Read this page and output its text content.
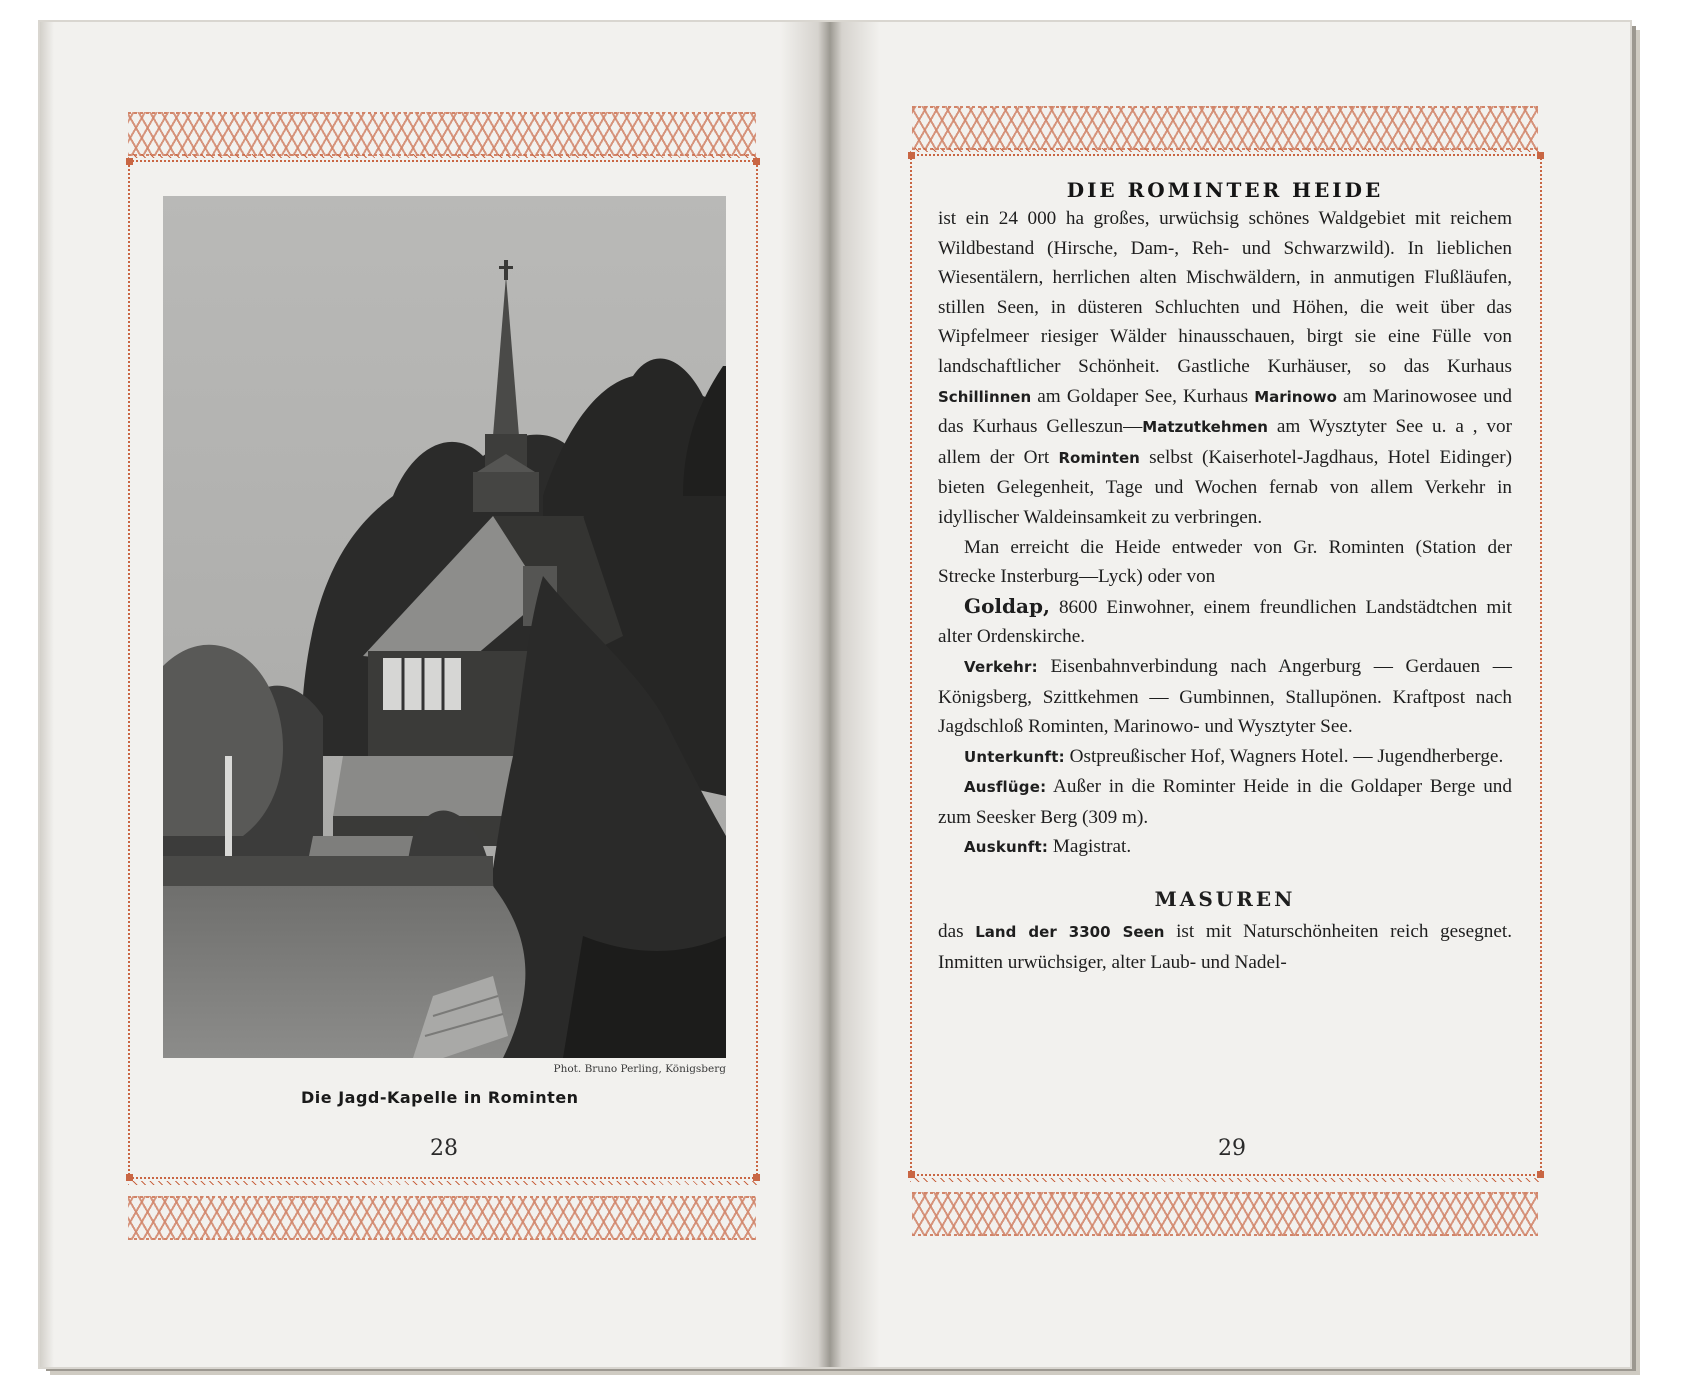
Phot. Bruno Perling, Königsberg
Die Jagd-Kapelle in Rominten
28
DIE ROMINTER HEIDE

ist ein 24 000 ha großes, urwüchsig schönes Waldgebiet mit reichem Wildbestand (Hirsche, Dam-, Reh- und Schwarzwild). In lieblichen Wiesentälern, herrlichen alten Mischwäldern, in anmutigen Flußläufen, stillen Seen, in düsteren Schluchten und Höhen, die weit über das Wipfelmeer riesiger Wälder hinausschauen, birgt sie eine Fülle von landschaftlicher Schönheit. Gastliche Kurhäuser, so das Kurhaus Schillinnen am Goldaper See, Kurhaus Marinowo am Marinowosee und das Kurhaus Gelleszun—Matzutkehmen am Wysztyter See u. a , vor allem der Ort Rominten selbst (Kaiserhotel-Jagdhaus, Hotel Eidinger) bieten Gelegenheit, Tage und Wochen fernab von allem Verkehr in idyllischer Waldeinsamkeit zu verbringen.

Man erreicht die Heide entweder von Gr. Rominten (Station der Strecke Insterburg—Lyck) oder von

Goldap, 8600 Einwohner, einem freundlichen Landstädtchen mit alter Ordenskirche.

Verkehr: Eisenbahnverbindung nach Angerburg — Gerdauen — Königsberg, Szittkehmen — Gumbinnen, Stallupönen. Kraftpost nach Jagdschloß Rominten, Marinowo- und Wysztyter See.

Unterkunft: Ostpreußischer Hof, Wagners Hotel. — Jugendherberge.

Ausflüge: Außer in die Rominter Heide in die Goldaper Berge und zum Seesker Berg (309 m).

Auskunft: Magistrat.

MASUREN

das Land der 3300 Seen ist mit Naturschönheiten reich gesegnet. Inmitten urwüchsiger, alter Laub- und Nadel-

29
